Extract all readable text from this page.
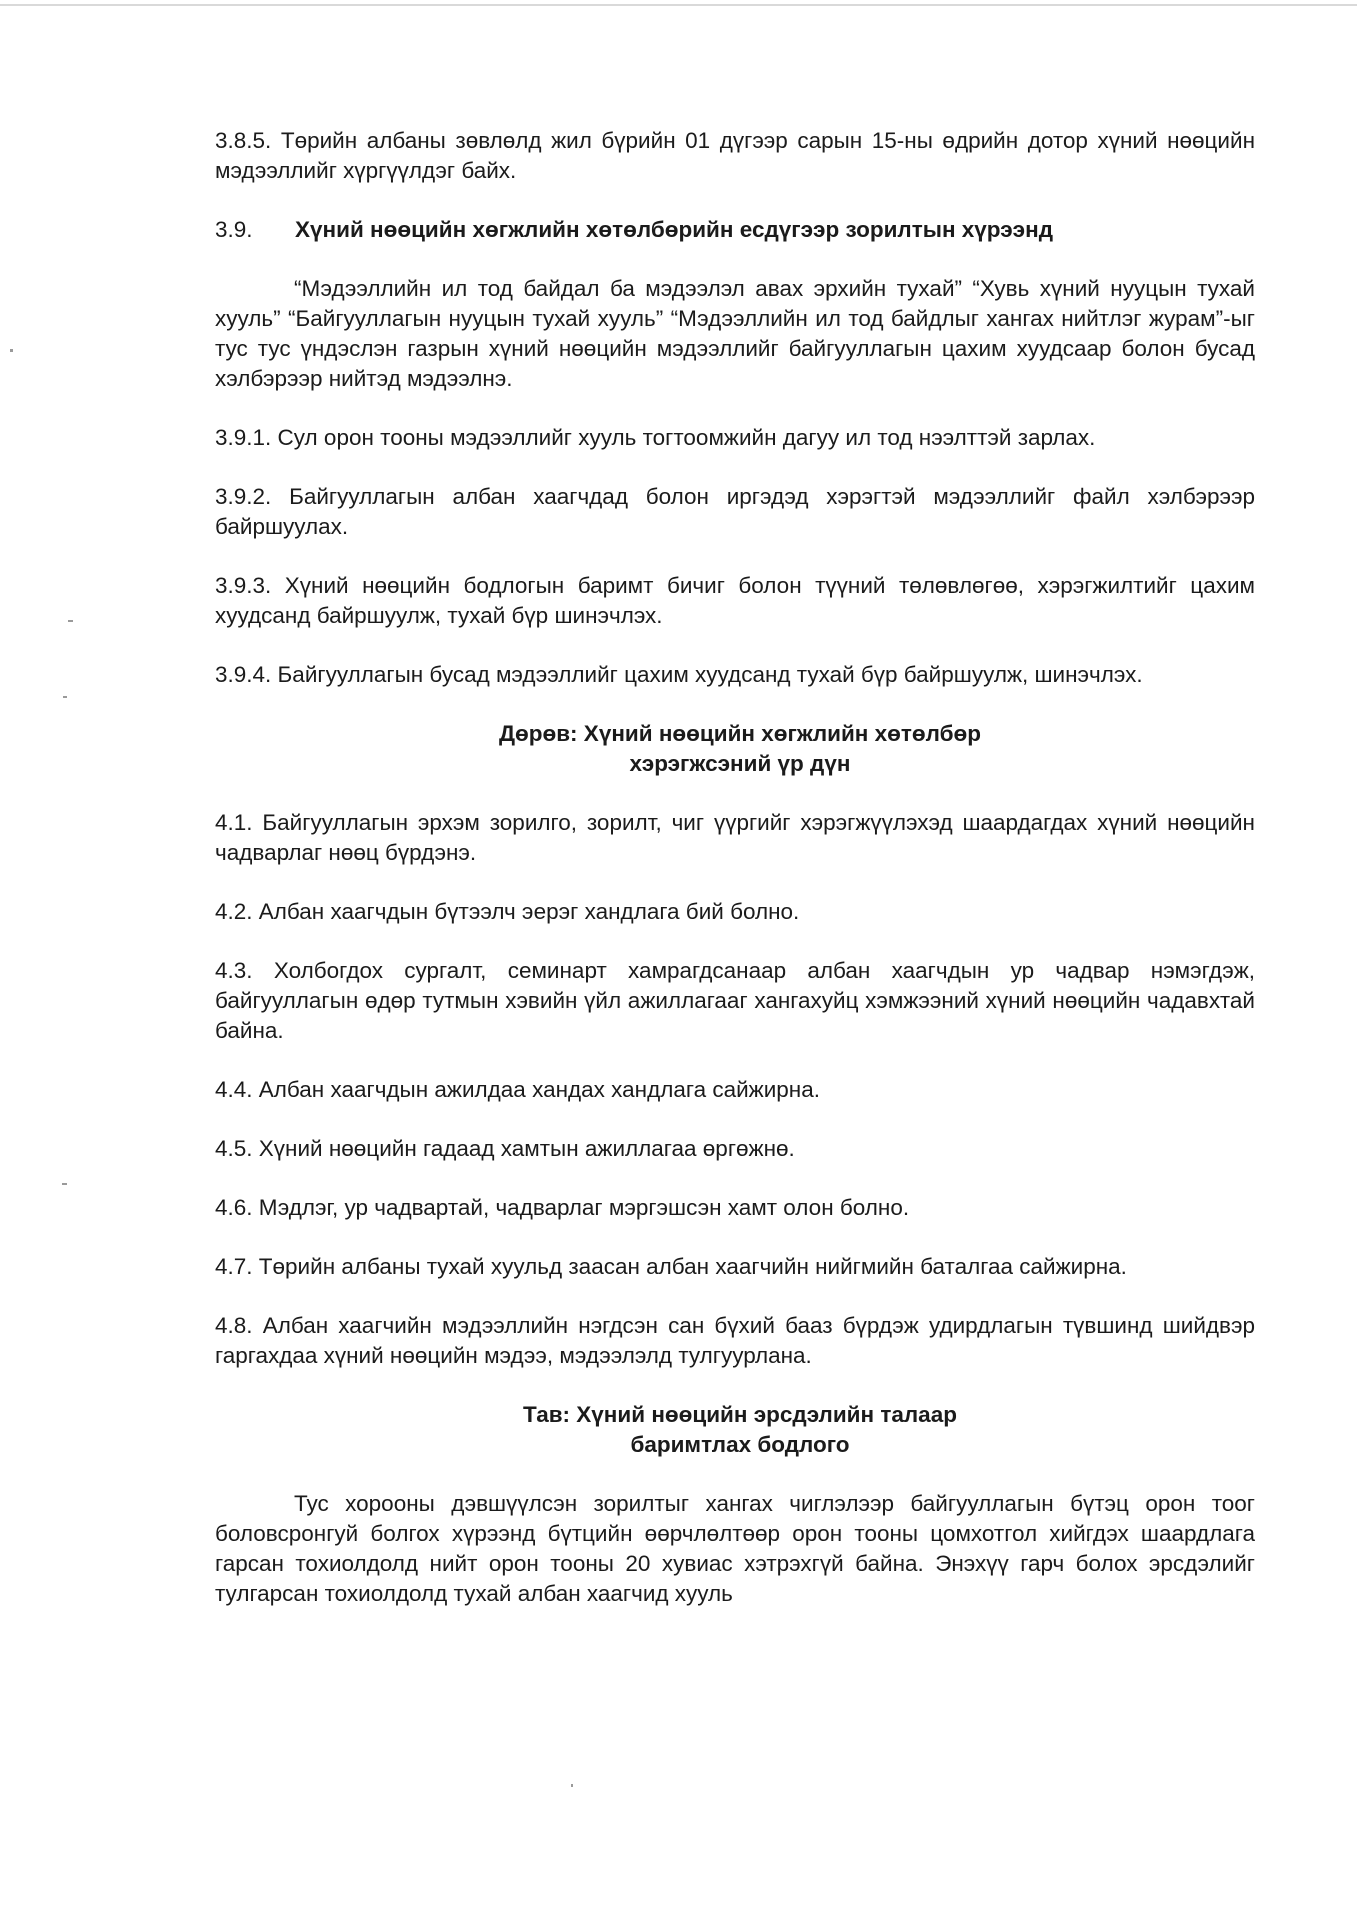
3.8.5. Төрийн албаны зөвлөлд жил бүрийн 01 дүгээр сарын 15-ны өдрийн дотор хүний нөөцийн мэдээллийг хүргүүлдэг байх.

3.9.	Хүний нөөцийн хөгжлийн хөтөлбөрийн есдүгээр зорилтын хүрээнд

“Мэдээллийн ил тод байдал ба мэдээлэл авах эрхийн тухай” “Хувь хүний нууцын тухай хууль” “Байгууллагын нууцын тухай хууль” “Мэдээллийн ил тод байдлыг хангах нийтлэг журам”-ыг тус тус үндэслэн газрын хүний нөөцийн мэдээллийг байгууллагын цахим хуудсаар болон бусад хэлбэрээр нийтэд мэдээлнэ.

3.9.1. Сул орон тооны мэдээллийг хууль тогтоомжийн дагуу ил тод нээлттэй зарлах.

3.9.2. Байгууллагын албан хаагчдад болон иргэдэд хэрэгтэй мэдээллийг файл хэлбэрээр байршуулах.

3.9.3. Хүний нөөцийн бодлогын баримт бичиг болон түүний төлөвлөгөө, хэрэгжилтийг цахим хуудсанд байршуулж, тухай бүр шинэчлэх.

3.9.4. Байгууллагын бусад мэдээллийг цахим хуудсанд тухай бүр байршуулж, шинэчлэх.

Дөрөв: Хүний нөөцийн хөгжлийн хөтөлбөр
хэрэгжсэний үр дүн

4.1. Байгууллагын эрхэм зорилго, зорилт, чиг үүргийг хэрэгжүүлэхэд шаардагдах хүний нөөцийн чадварлаг нөөц бүрдэнэ.

4.2. Албан хаагчдын бүтээлч эерэг хандлага бий болно.

4.3. Холбогдох сургалт, семинарт хамрагдсанаар албан хаагчдын ур чадвар нэмэгдэж, байгууллагын өдөр тутмын хэвийн үйл ажиллагааг хангахуйц хэмжээний хүний нөөцийн чадавхтай байна.

4.4. Албан хаагчдын ажилдаа хандах хандлага сайжирна.

4.5. Хүний нөөцийн гадаад хамтын ажиллагаа өргөжнө.

4.6. Мэдлэг, ур чадвартай, чадварлаг мэргэшсэн хамт олон болно.

4.7. Төрийн албаны тухай хуульд заасан албан хаагчийн нийгмийн баталгаа сайжирна.

4.8. Албан хаагчийн мэдээллийн нэгдсэн сан бүхий бааз бүрдэж удирдлагын түвшинд шийдвэр гаргахдаа хүний нөөцийн мэдээ, мэдээлэлд тулгуурлана.

Тав: Хүний нөөцийн эрсдэлийн талаар
баримтлах бодлого

Тус хорооны дэвшүүлсэн зорилтыг хангах чиглэлээр байгууллагын бүтэц орон тоог боловсронгуй болгох хүрээнд бүтцийн өөрчлөлтөөр орон тооны цомхотгол хийгдэх шаардлага гарсан тохиолдолд нийт орон тооны 20 хувиас хэтрэхгүй байна. Энэхүү гарч болох эрсдэлийг тулгарсан тохиолдолд тухай албан хаагчид хууль
